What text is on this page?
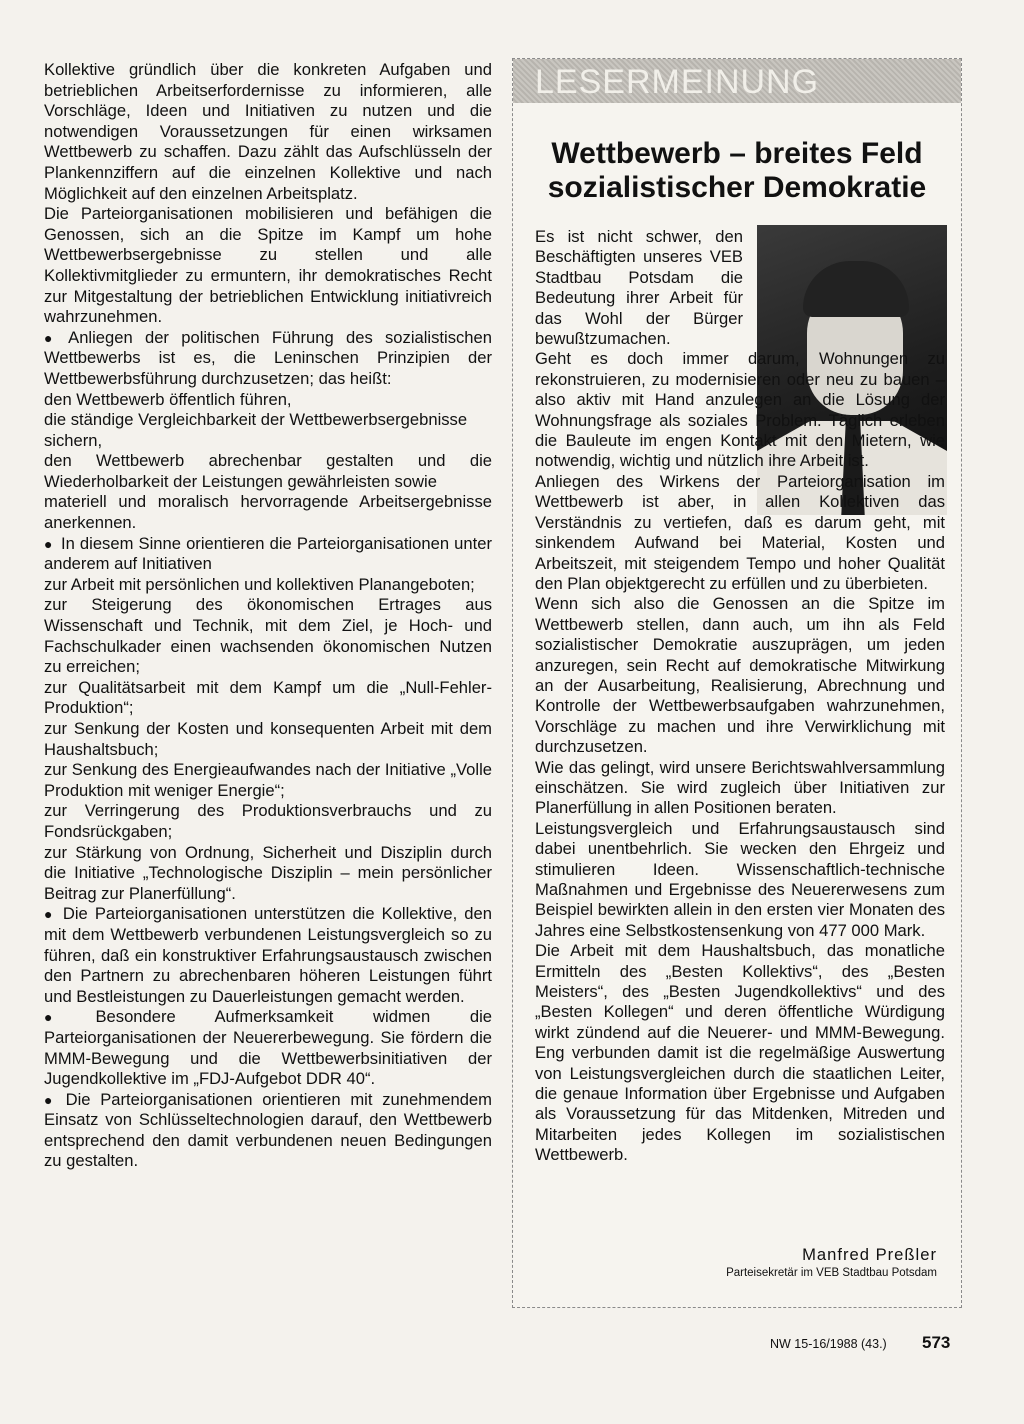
Kollektive gründlich über die konkreten Aufgaben und betrieblichen Arbeitserfordernisse zu informieren, alle Vorschläge, Ideen und Initiativen zu nutzen und die notwendigen Voraussetzungen für einen wirksamen Wettbewerb zu schaffen. Dazu zählt das Aufschlüsseln der Plankennziffern auf die einzelnen Kollektive und nach Möglichkeit auf den einzelnen Arbeitsplatz.

Die Parteiorganisationen mobilisieren und befähigen die Genossen, sich an die Spitze im Kampf um hohe Wettbewerbsergebnisse zu stellen und alle Kollektivmitglieder zu ermuntern, ihr demokratisches Recht zur Mitgestaltung der betrieblichen Entwicklung initiativreich wahrzunehmen.

● Anliegen der politischen Führung des sozialistischen Wettbewerbs ist es, die Leninschen Prinzipien der Wettbewerbsführung durchzusetzen; das heißt:

den Wettbewerb öffentlich führen,

die ständige Vergleichbarkeit der Wettbewerbsergebnisse sichern,

den Wettbewerb abrechenbar gestalten und die Wiederholbarkeit der Leistungen gewährleisten sowie

materiell und moralisch hervorragende Arbeitsergebnisse anerkennen.

● In diesem Sinne orientieren die Parteiorganisationen unter anderem auf Initiativen

zur Arbeit mit persönlichen und kollektiven Planangeboten;

zur Steigerung des ökonomischen Ertrages aus Wissenschaft und Technik, mit dem Ziel, je Hoch- und Fachschulkader einen wachsenden ökonomischen Nutzen zu erreichen;

zur Qualitätsarbeit mit dem Kampf um die „Null-Fehler-Produktion“;

zur Senkung der Kosten und konsequenten Arbeit mit dem Haushaltsbuch;

zur Senkung des Energieaufwandes nach der Initiative „Volle Produktion mit weniger Energie“;

zur Verringerung des Produktionsverbrauchs und zu Fondsrückgaben;

zur Stärkung von Ordnung, Sicherheit und Disziplin durch die Initiative „Technologische Disziplin – mein persönlicher Beitrag zur Planerfüllung“.

● Die Parteiorganisationen unterstützen die Kollektive, den mit dem Wettbewerb verbundenen Leistungsvergleich so zu führen, daß ein konstruktiver Erfahrungsaustausch zwischen den Partnern zu abrechenbaren höheren Leistungen führt und Bestleistungen zu Dauerleistungen gemacht werden.

● Besondere Aufmerksamkeit widmen die Parteiorganisationen der Neuererbewegung. Sie fördern die MMM-Bewegung und die Wettbewerbsinitiativen der Jugendkollektive im „FDJ-Aufgebot DDR 40“.

● Die Parteiorganisationen orientieren mit zunehmendem Einsatz von Schlüsseltechnologien darauf, den Wettbewerb entsprechend den damit verbundenen neuen Bedingungen zu gestalten.

LESERMEINUNG
Wettbewerb – breites Feld
sozialistischer Demokratie

Es ist nicht schwer, den Beschäftigten unseres VEB Stadtbau Potsdam die Bedeutung ihrer Arbeit für das Wohl der Bürger bewußtzumachen.

Geht es doch immer darum, Wohnungen zu rekonstruieren, zu modernisieren oder neu zu bauen – also aktiv mit Hand anzulegen an die Lösung der Wohnungsfrage als soziales Problem. Täglich erleben die Bauleute im engen Kontakt mit den Mietern, wie notwendig, wichtig und nützlich ihre Arbeit ist.

Anliegen des Wirkens der Parteiorganisation im Wettbewerb ist aber, in allen Kollektiven das Verständnis zu vertiefen, daß es darum geht, mit sinkendem Aufwand bei Material, Kosten und Arbeitszeit, mit steigendem Tempo und hoher Qualität den Plan objektgerecht zu erfüllen und zu überbieten.

Wenn sich also die Genossen an die Spitze im Wettbewerb stellen, dann auch, um ihn als Feld sozialistischer Demokratie auszuprägen, um jeden anzuregen, sein Recht auf demokratische Mitwirkung an der Ausarbeitung, Realisierung, Abrechnung und Kontrolle der Wettbewerbsaufgaben wahrzunehmen, Vorschläge zu machen und ihre Verwirklichung mit durchzusetzen.

Wie das gelingt, wird unsere Berichtswahlversammlung einschätzen. Sie wird zugleich über Initiativen zur Planerfüllung in allen Positionen beraten.

Leistungsvergleich und Erfahrungsaustausch sind dabei unentbehrlich. Sie wecken den Ehrgeiz und stimulieren Ideen. Wissenschaftlich-technische Maßnahmen und Ergebnisse des Neuererwesens zum Beispiel bewirkten allein in den ersten vier Monaten des Jahres eine Selbstkostensenkung von 477 000 Mark.

Die Arbeit mit dem Haushaltsbuch, das monatliche Ermitteln des „Besten Kollektivs“, des „Besten Meisters“, des „Besten Jugendkollektivs“ und des „Besten Kollegen“ und deren öffentliche Würdigung wirkt zündend auf die Neuerer- und MMM-Bewegung. Eng verbunden damit ist die regelmäßige Auswertung von Leistungsvergleichen durch die staatlichen Leiter, die genaue Information über Ergebnisse und Aufgaben als Voraussetzung für das Mitdenken, Mitreden und Mitarbeiten jedes Kollegen im sozialistischen Wettbewerb.

Manfred Preßler
Parteisekretär im VEB Stadtbau Potsdam
NW 15-16/1988 (43.) 573
